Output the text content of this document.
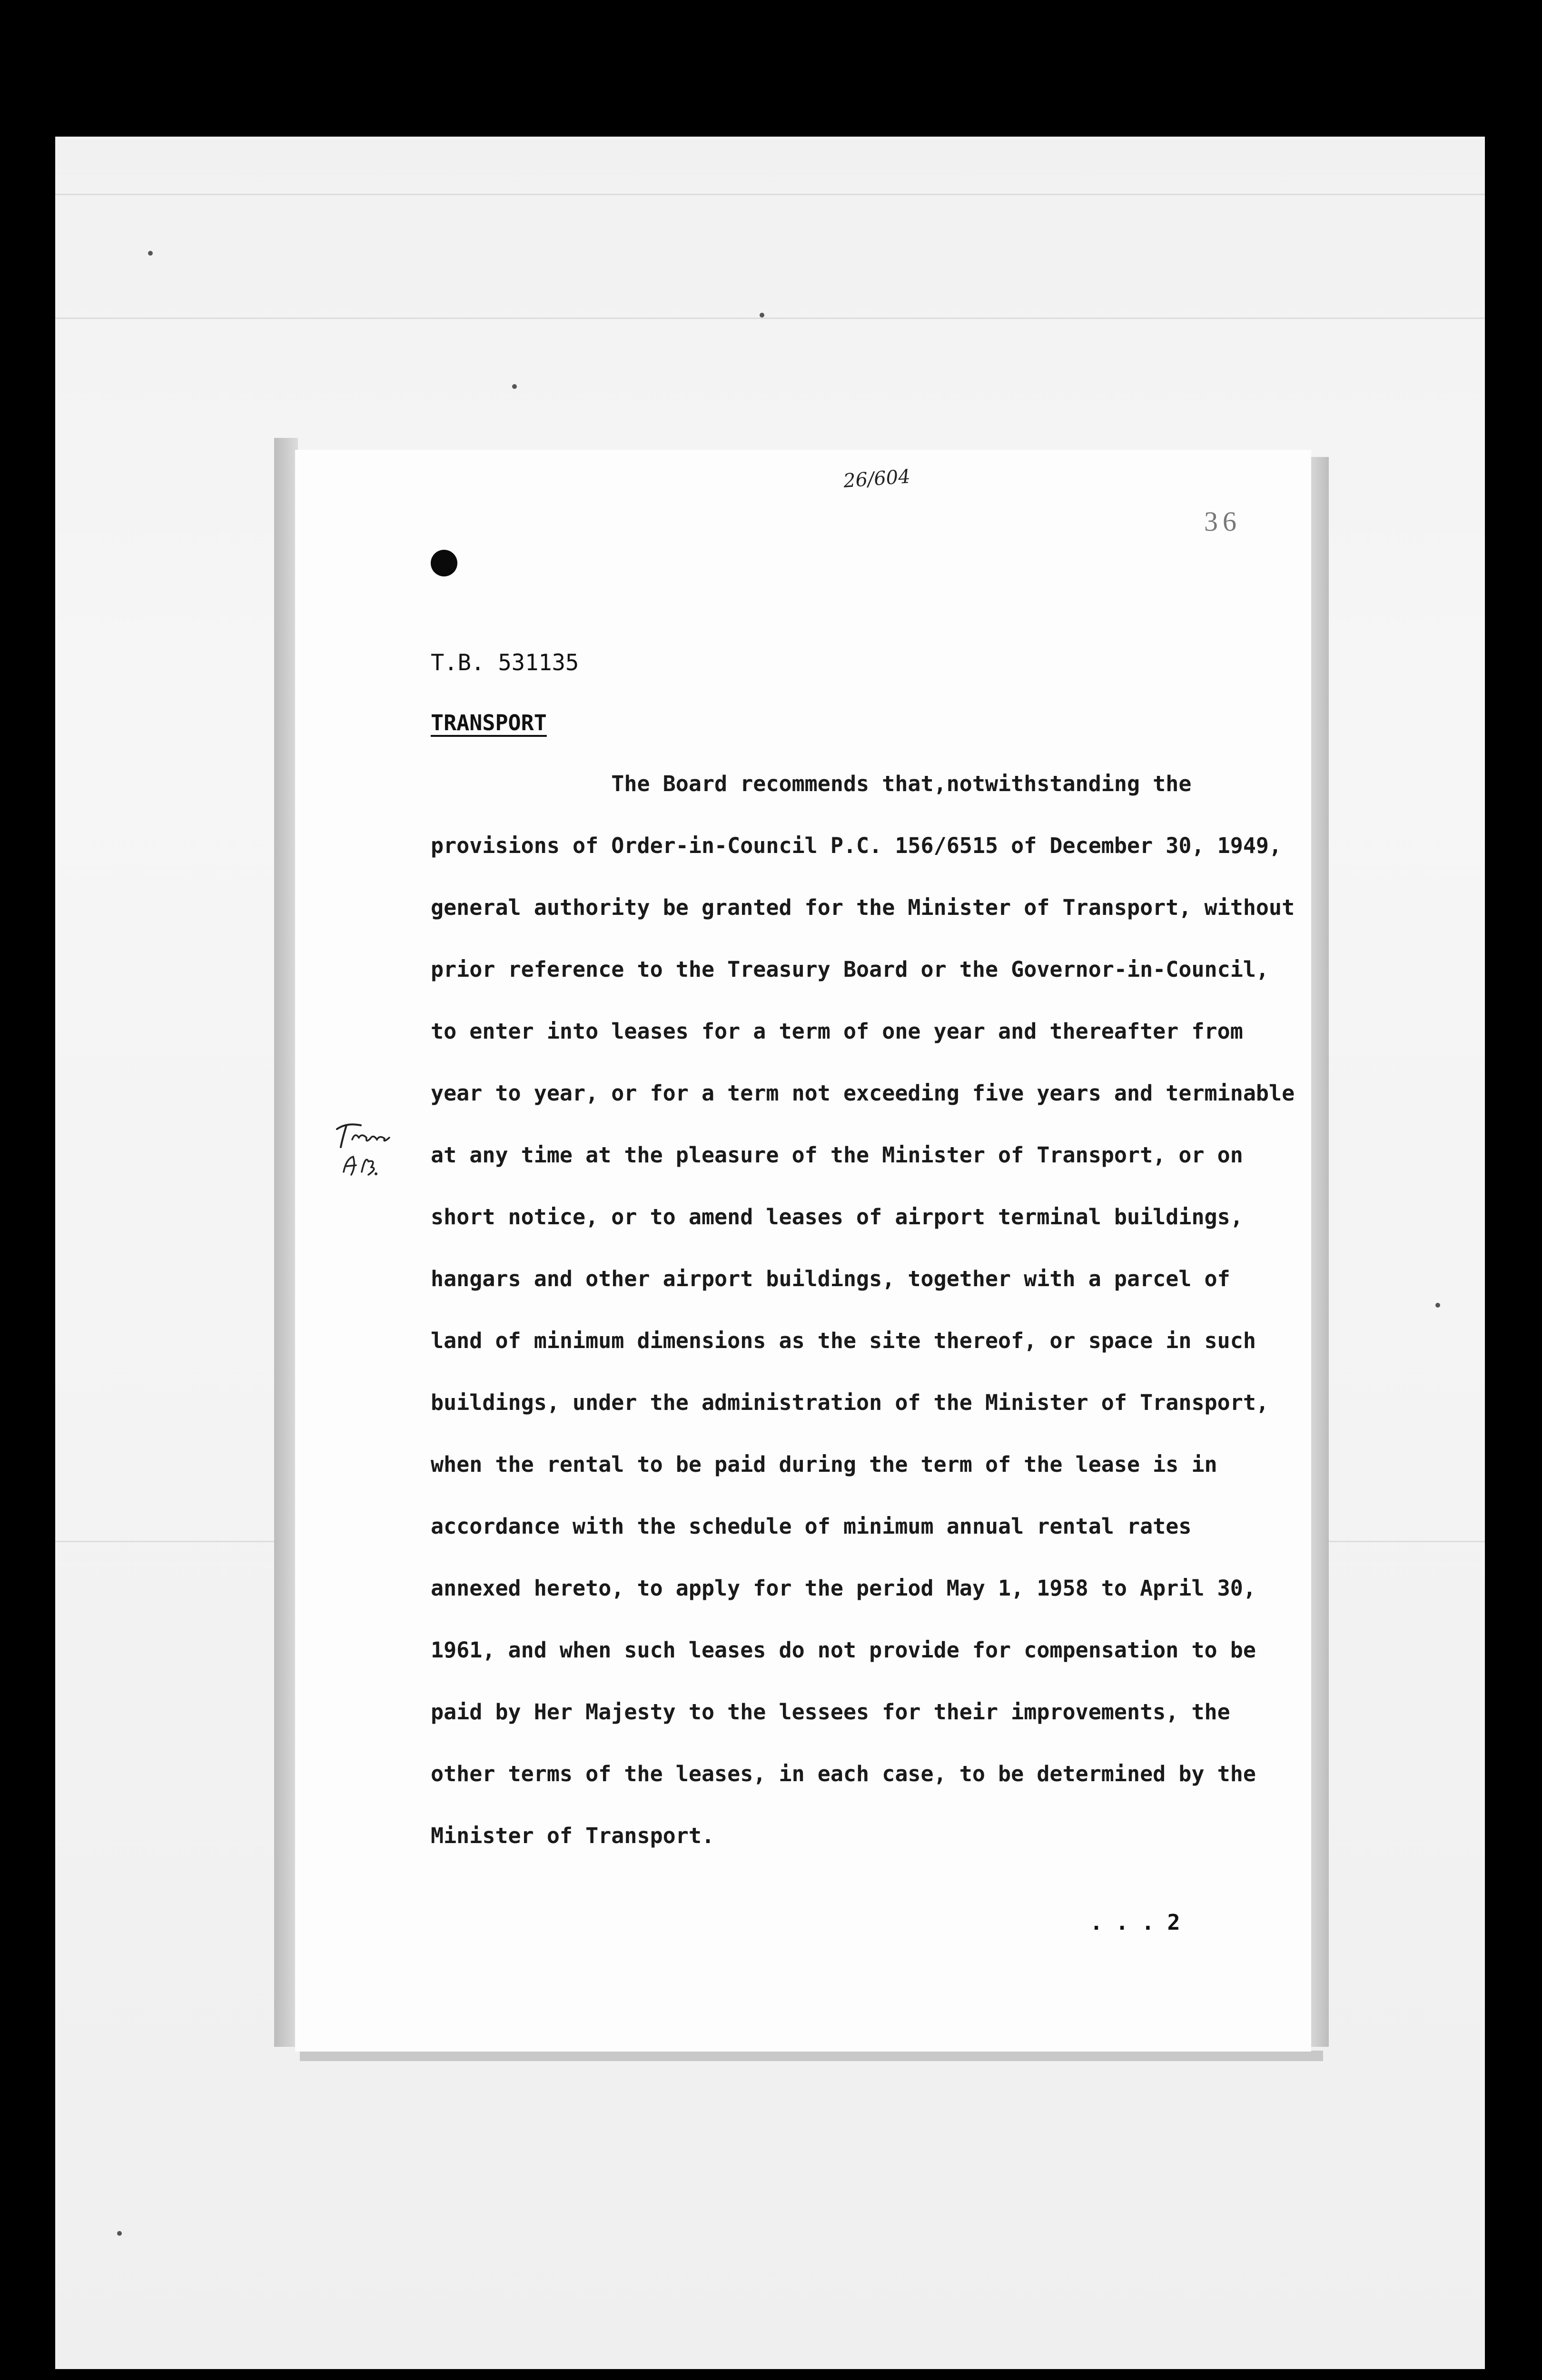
26/604
36
T.B. 531135
TRANSPORT
The Board recommends that,notwithstanding the
provisions of Order-in-Council P.C. 156/6515 of December 30, 1949,
general authority be granted for the Minister of Transport, without
prior reference to the Treasury Board or the Governor-in-Council,
to enter into leases for a term of one year and thereafter from
year to year, or for a term not exceeding five years and terminable
at any time at the pleasure of the Minister of Transport, or on
short notice, or to amend leases of airport terminal buildings,
hangars and other airport buildings, together with a parcel of
land of minimum dimensions as the site thereof, or space in such
buildings, under the administration of the Minister of Transport,
when the rental to be paid during the term of the lease is in
accordance with the schedule of minimum annual rental rates
annexed hereto, to apply for the period May 1, 1958 to April 30,
1961, and when such leases do not provide for compensation to be
paid by Her Majesty to the lessees for their improvements, the
other terms of the leases, in each case, to be determined by the
Minister of Transport.
. . . 2
